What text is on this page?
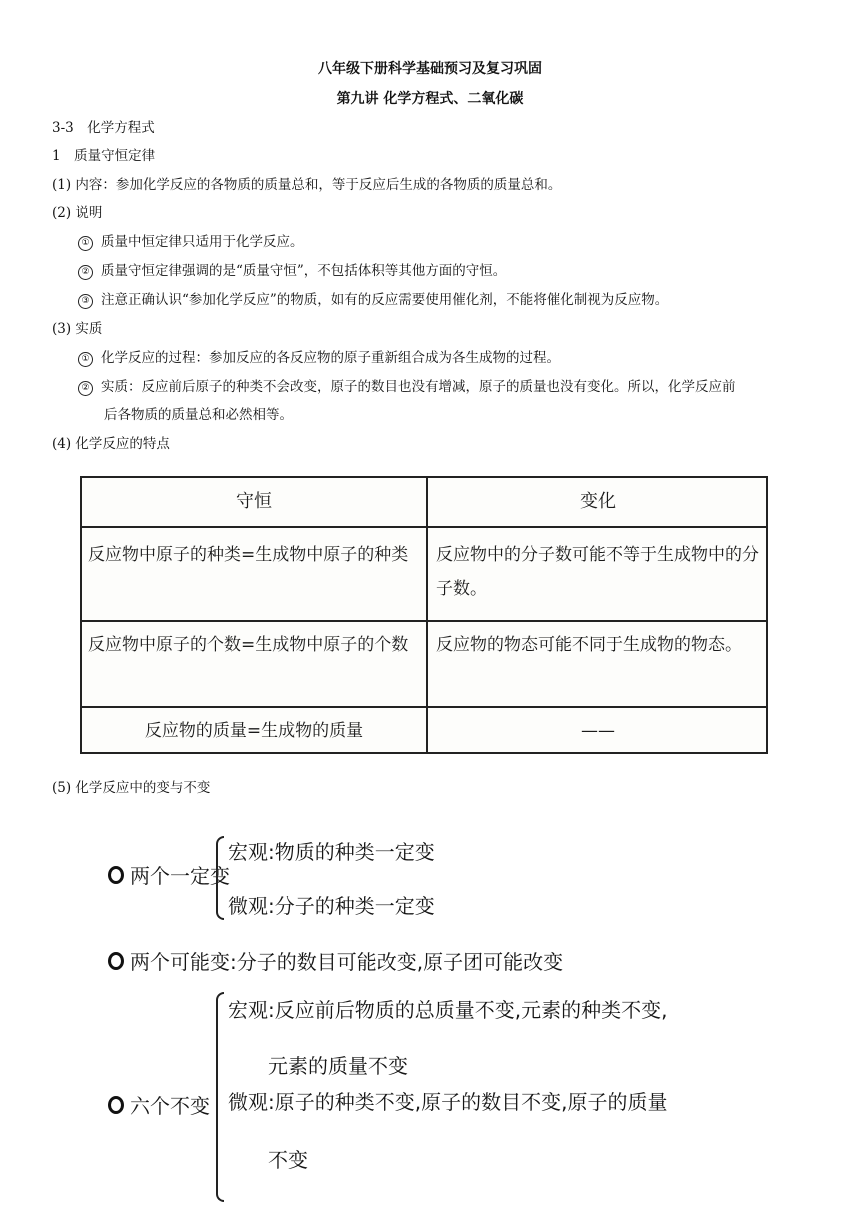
八年级下册科学基础预习及复习巩固
第九讲 化学方程式、二氧化碳
3-3　化学方程式
1　质量守恒定律
(1) 内容：参加化学反应的各物质的质量总和，等于反应后生成的各物质的质量总和。
(2) 说明
① 质量中恒定律只适用于化学反应。
② 质量守恒定律强调的是“质量守恒”，不包括体积等其他方面的守恒。
③ 注意正确认识“参加化学反应”的物质，如有的反应需要使用催化剂，不能将催化制视为反应物。
(3) 实质
① 化学反应的过程：参加反应的各反应物的原子重新组合成为各生成物的过程。
② 实质：反应前后原子的种类不会改变，原子的数目也没有增减，原子的质量也没有变化。所以，化学反应前
后各物质的质量总和必然相等。
(4) 化学反应的特点
守恒	变化
反应物中原子的种类=生成物中原子的种类	反应物中的分子数可能不等于生成物中的分子数。
反应物中原子的个数=生成物中原子的个数	反应物的物态可能不同于生成物的物态。
反应物的质量=生成物的质量	——
(5) 化学反应中的变与不变
两个一定变
宏观:物质的种类一定变
微观:分子的种类一定变
两个可能变:分子的数目可能改变,原子团可能改变
宏观:反应前后物质的总质量不变,元素的种类不变,
元素的质量不变
六个不变 微观:原子的种类不变,原子的数目不变,原子的质量
不变
